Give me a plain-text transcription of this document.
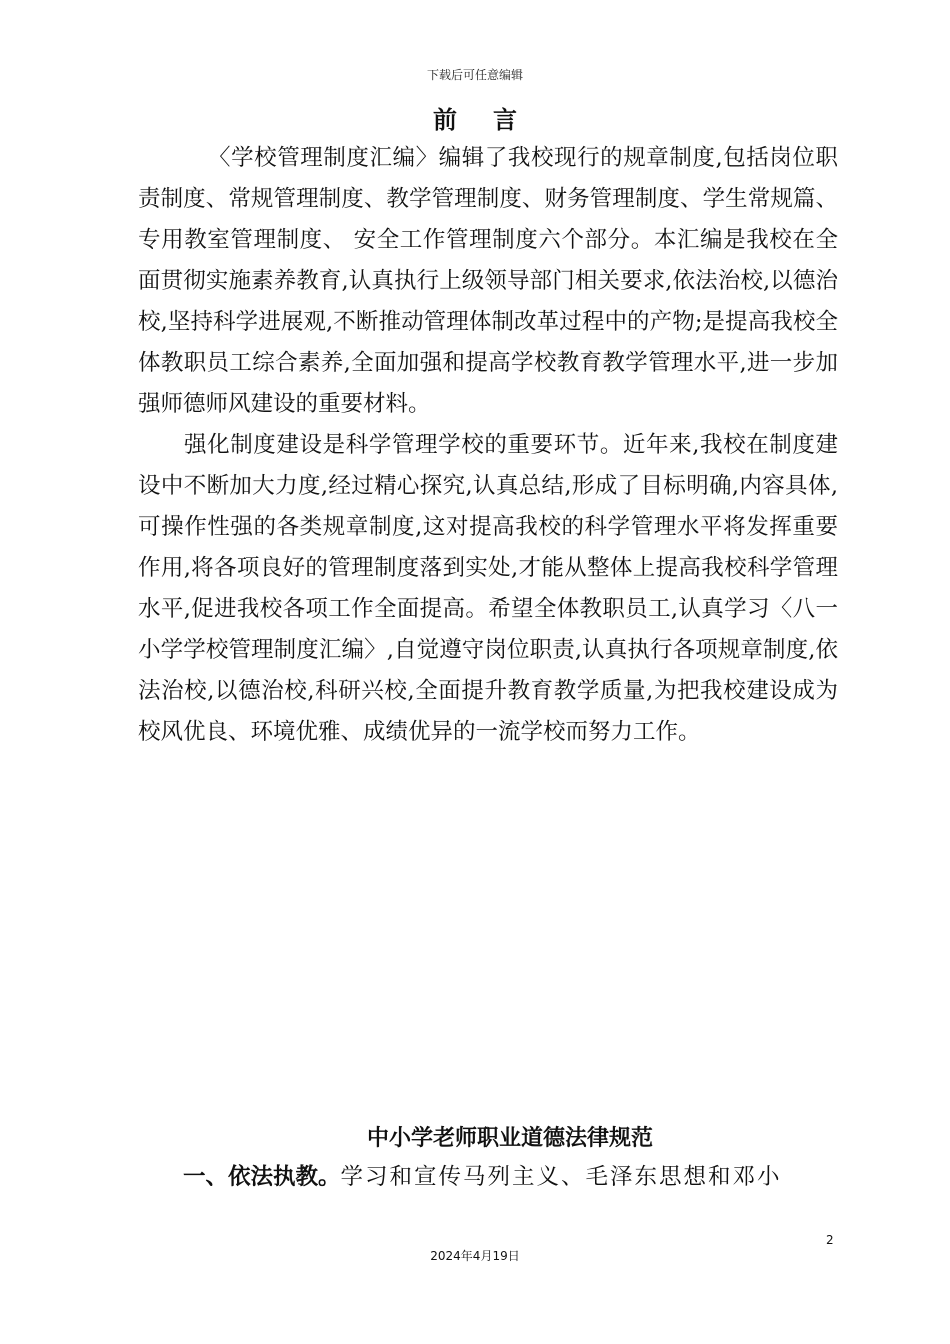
下载后可任意编辑
前言

〈学校管理制度汇编〉编辑了我校现行的规章制度,包括岗位职责制度、常规管理制度、教学管理制度、财务管理制度、学生常规篇、专用教室管理制度、 安全工作管理制度六个部分。本汇编是我校在全面贯彻实施素养教育,认真执行上级领导部门相关要求,依法治校,以德治校,坚持科学进展观,不断推动管理体制改革过程中的产物;是提高我校全体教职员工综合素养,全面加强和提高学校教育教学管理水平,进一步加强师德师风建设的重要材料。

强化制度建设是科学管理学校的重要环节。近年来,我校在制度建设中不断加大力度,经过精心探究,认真总结,形成了目标明确,内容具体,可操作性强的各类规章制度,这对提高我校的科学管理水平将发挥重要作用,将各项良好的管理制度落到实处,才能从整体上提高我校科学管理水平,促进我校各项工作全面提高。希望全体教职员工,认真学习〈八一小学学校管理制度汇编〉,自觉遵守岗位职责,认真执行各项规章制度,依法治校,以德治校,科研兴校,全面提升教育教学质量,为把我校建设成为校风优良、环境优雅、成绩优异的一流学校而努力工作。

中小学老师职业道德法律规范
一、依法执教。学习和宣传马列主义、毛泽东思想和邓小
2
2024年4月19日
